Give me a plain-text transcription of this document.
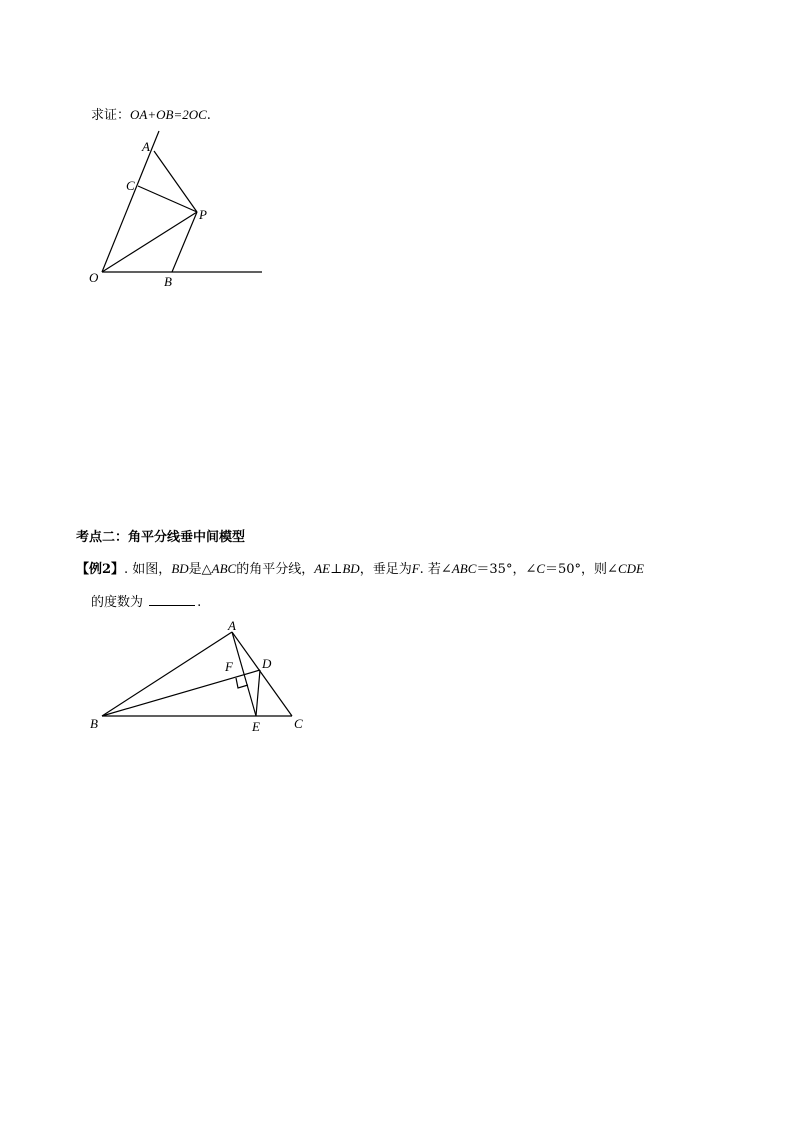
求证：OA+OB=2OC.
A
C
P
O	B
考点二：角平分线垂中间模型
【例2】. 如图，BD是△ABC的角平分线，AE⊥BD，垂足为F. 若∠ABC＝35°，∠C＝50°，则∠CDE
的度数为	.
A
F D
B	E	C
